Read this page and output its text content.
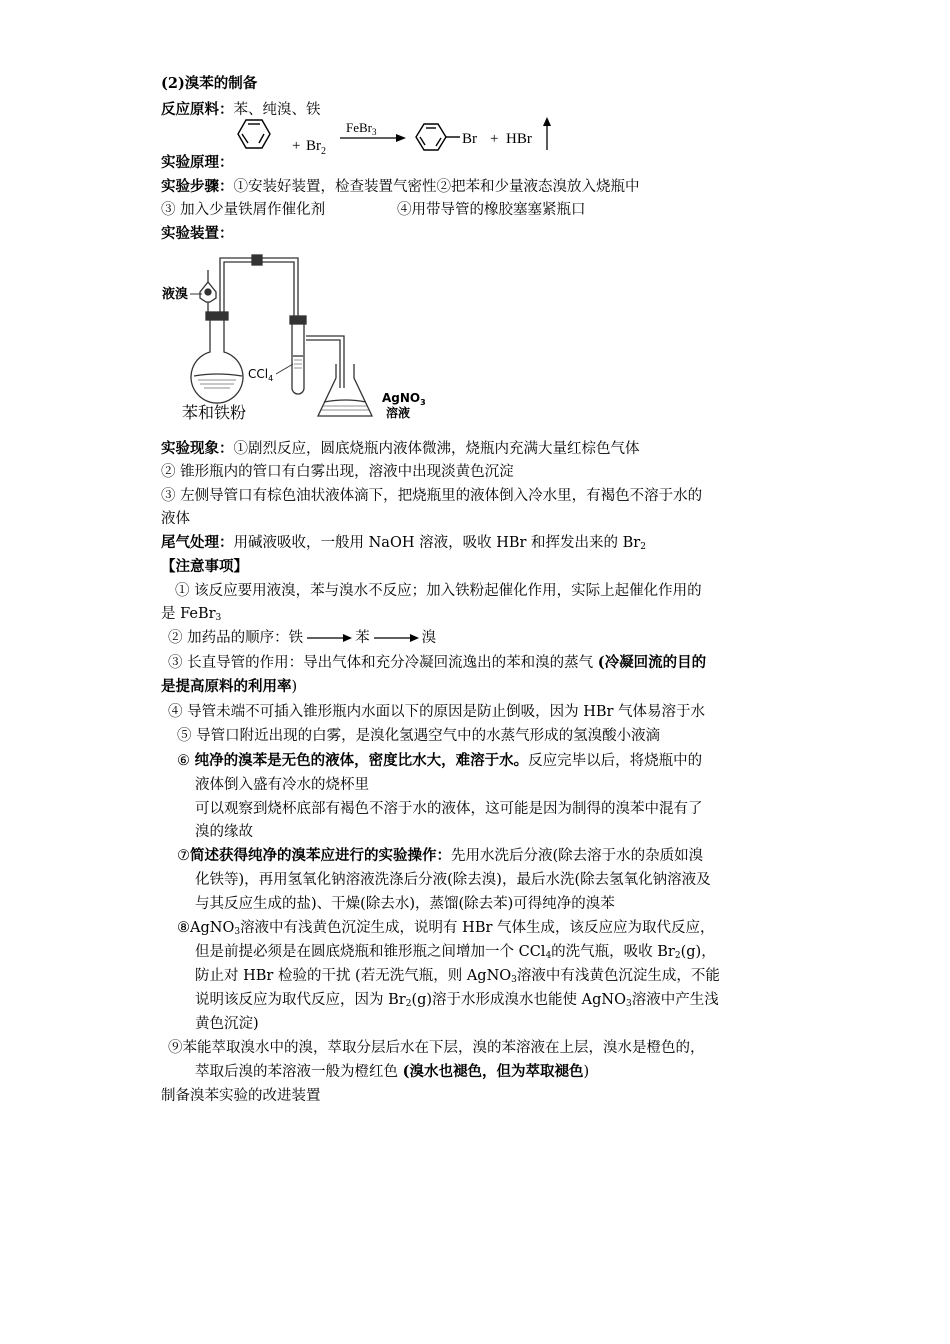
(2)溴苯的制备
反应原料：苯、纯溴、铁
+ $Br_2$
FeBr$_3$	Br + HBr
实验原理：
实验步骤：①安装好装置，检查装置气密性②把苯和少量液态溴放入烧瓶中
③ 加入少量铁屑作催化剂	④用带导管的橡胶塞塞紧瓶口
实验装置：
液溴
CCl$_4$
苯和铁粉
AgNO$_3$
溶液
实验现象：①剧烈反应，圆底烧瓶内液体微沸，烧瓶内充满大量红棕色气体
② 锥形瓶内的管口有白雾出现，溶液中出现淡黄色沉淀
③ 左侧导管口有棕色油状液体滴下，把烧瓶里的液体倒入冷水里，有褐色不溶于水的
液体
尾气处理：用碱液吸收，一般用 NaOH 溶液，吸收 HBr 和挥发出来的 $Br_2$
【注意事项】
① 该反应要用液溴，苯与溴水不反应；加入铁粉起催化作用，实际上起催化作用的
是 FeBr$_3$
② 加药品的顺序：铁	苯	溴
③ 长直导管的作用：导出气体和充分冷凝回流逸出的苯和溴的蒸气 (冷凝回流的目的
是提高原料的利用率)
④ 导管未端不可插入锥形瓶内水面以下的原因是防止倒吸，因为 HBr 气体易溶于水
⑤ 导管口附近出现的白雾，是溴化氢遇空气中的水蒸气形成的氢溴酸小液滴
⑥ 纯净的溴苯是无色的液体，密度比水大，难溶于水。反应完毕以后，将烧瓶中的
液体倒入盛有冷水的烧杯里
可以观察到烧杯底部有褐色不溶于水的液体，这可能是因为制得的溴苯中混有了
溴的缘故
⑦简述获得纯净的溴苯应进行的实验操作：先用水洗后分液(除去溶于水的杂质如溴
化铁等)，再用氢氧化钠溶液洗涤后分液(除去溴)，最后水洗(除去氢氧化钠溶液及
与其反应生成的盐)、干燥(除去水)，蒸馏(除去苯)可得纯净的溴苯
⑧AgNO$_3$溶液中有浅黄色沉淀生成，说明有 HBr 气体生成，该反应应为取代反应，
但是前提必须是在圆底烧瓶和锥形瓶之间增加一个 CCl$_4$的洗气瓶，吸收 $Br_2(g)$，
防止对 HBr 检验的干扰 (若无洗气瓶，则 AgNO$_3$溶液中有浅黄色沉淀生成，不能
说明该反应为取代反应，因为 $Br_2(g)$溶于水形成溴水也能使 AgNO$_3$溶液中产生浅
黄色沉淀)
⑨苯能萃取溴水中的溴，萃取分层后水在下层，溴的苯溶液在上层，溴水是橙色的，
萃取后溴的苯溶液一般为橙红色 (溴水也褪色，但为萃取褪色)
制备溴苯实验的改进装置
